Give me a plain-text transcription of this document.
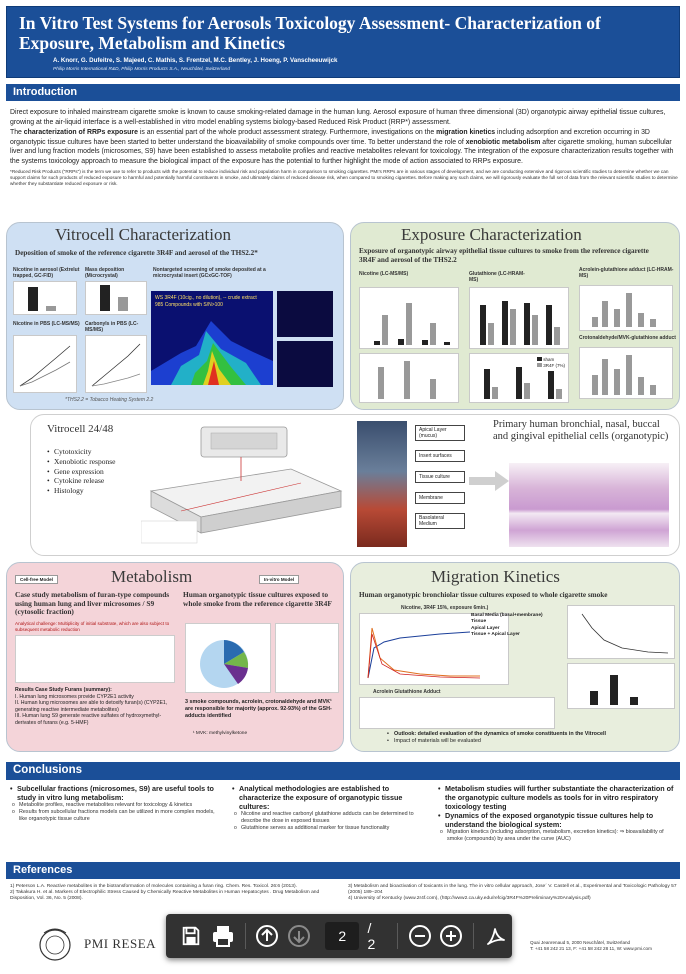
In Vitro Test Systems for Aerosols Toxicology Assessment- Characterization of Exposure, Metabolism and Kinetics
A. Knorr, G. Dufeitre, S. Majeed, C. Mathis, S. Frentzel, M.C. Bentley, J. Hoeng, P. Vanscheeuwijck
Philip Morris International R&D, Philip Morris Products S.A., Neuchâtel, Switzerland
Introduction

Direct exposure to inhaled mainstream cigarette smoke is known to cause smoking-related damage in the human lung. Aerosol exposure of human three dimensional (3D) organotypic airway epithelial tissue cultures, growing at the air-liquid interface is a well-established in vitro model enabling systems biology-based Reduced Risk Product (RRP*) assessment.

The characterization of RRPs exposure is an essential part of the whole product assessment strategy. Furthermore, investigations on the migration kinetics including adsorption and excretion occurring in 3D organotypic tissue cultures have been started to better understand the bioavailability of smoke compounds over time. To better understand the role of xenobiotic metabolism after cigarette smoking, human subcellular liver and lung fraction models (microsomes, S9) have been established to assess metabolite profiles and reactive metabolites relevant for toxicology. The integration of the exposure characterization results together with the systems toxicology approach to measure the biological impact of the exposure has the potential to further highlight the mode of action associated to RRPs exposure.

*Reduced Risk Products ("RRPs") is the term we use to refer to products with the potential to reduce individual risk and population harm in comparison to smoking cigarettes. PMI's RRPs are in various stages of development, and we are conducting extensive and rigorous scientific studies to determine whether we can support claims for such products of reduced exposure to harmful and potentially harmful constituents in smoke, and ultimately claims of reduced disease risk, when compared to smoking cigarettes. Before making any such claims, we will rigorously evaluate the full set of data from the relevant scientific studies to determine whether they substantiate reduced exposure or risk.

Vitrocell Characterization
Deposition of smoke of the reference cigarette 3R4F and aerosol of the THS2.2*
Nicotine in aerosol (Extrelut trapped, GC-FID)
Mass deposition (Microcrystal)
Nicotine in PBS (LC-MS/MS)	Carbonyls in PBS (LC-MS/MS)
Nontargeted screening of smoke deposited at a microcrystal insert (GCxGC-TOF)
WS 3R4F (10cig., no dilution), -- crude extract
985 Compounds with S/N>100
*THS2.2 = Tobacco Heating System 2.2
Exposure Characterization
Exposure of organotypic airway epithelial tissue cultures to smoke from the reference cigarette 3R4F and aerosol of the THS2.2
Nicotine (LC-MS/MS)	Glutathione (LC-HRAM-MS)
Acrolein-glutathione adduct (LC-HRAM-MS)
Crotonaldehyde/MVK-glutathione adduct
sham
3R4F (7%)
Vitrocell 24/48
• Cytotoxicity
• Xenobiotic response
• Gene expression
• Cytokine release
• Histology
Apical Layer (mucus)
Insert surfaces
Tissue culture
Membrane
Basolateral Medium
Primary human bronchial, nasal, buccal and gingival epithelial cells (organotypic)
Cell-free Model	Metabolism	In-vitro Model
Case study metabolism of furan-type compounds using human lung and liver microsomes / S9 (cytosolic fraction)
Human organotypic tissue cultures exposed to whole smoke from the reference cigarette 3R4F
Analytical challenge: Multiplicity of initial substrate, which are also subject to subsequent metabolic reduction
Results Case Study Furans (summary):
I. Human lung microsomes provide CYP2E1 activity
II. Human lung microsomes are able to detoxify furan(s) (CYP2E1, generating reactive intermediate metabolites)
III. Human lung S9 generate reactive sulfates of hydroxymethyl-derivates of furans (e.g. 5-HMF)
3 smoke compounds, acrolein, crotonaldehyde and MVK¹ are responsible for majority (approx. 92-93%) of the GSH-adducts identified
¹ MVK: methylvinylketone
Migration Kinetics
Human organotypic bronchiolar tissue cultures exposed to whole cigarette smoke
Nicotine, 3R4F 15%, exposure 6min.)
Basal Media (basal+membrane)
Tissue
Apical Layer
Tissue + Apical Layer
Acrolein Glutathione Adduct
• Outlook: detailed evaluation of the dynamics of smoke constituents in the Vitrocell
• Impact of materials will be evaluated
Conclusions
• Subcellular fractions (microsomes, S9) are useful tools to study in vitro lung metabolism:
o Metabolite profiles, reactive metabolites relevant for toxicology & kinetics
o Results from subcellular fractions models can be utilized in more complex models, like organotypic tissue culture
• Analytical methodologies are established to characterize the exposure of organotypic tissue cultures:
o Nicotine and reactive carbonyl glutathione adducts can be determined to describe the dose in exposed tissues
o Glutathione serves as additional marker for tissue functionality
• Metabolism studies will further substantiate the characterization of the organotypic culture models as tools for in vitro respiratory toxicology testing
• Dynamics of the exposed organotypic tissue cultures help to understand the biological system:
o Migration kinetics (including adsorption, metabolism, excretion kinetics): ⇒ bioavailability of smoke (compounds) by area under the curve (AUC)
References
1) Peterson L.A. Reactive metabolites in the biotransformation of molecules containing a furan ring. Chem. Res. Toxicol. 26:6 (2013).
2) Takakura H. et al. Markers of Electrophilic Stress Caused by Chemically Reactive Metabolites in Human Hepatocytes . Drug Metabolism and Disposition, Vol. 36, No. 5 (2008).
3) Metabolism and bioactivation of toxicants in the lung. The in vitro cellular approach, Jose´ V. Castell et al., Experimental and Toxicologic Pathology 57 (2005) 189–204
4) University of Kentucky (www.2r4f.com), (http://www2.ca.uky.edu/refcig/3R4F%20Preliminary%20Analysis.pdf)
PMI RESEA	Quai Jeanrenaud 5, 2000 Neuchâtel, Switzerland
T: +41 58 242 21 13, F: +41 58 242 28 11, W: www.pmi.com
2	/ 2
